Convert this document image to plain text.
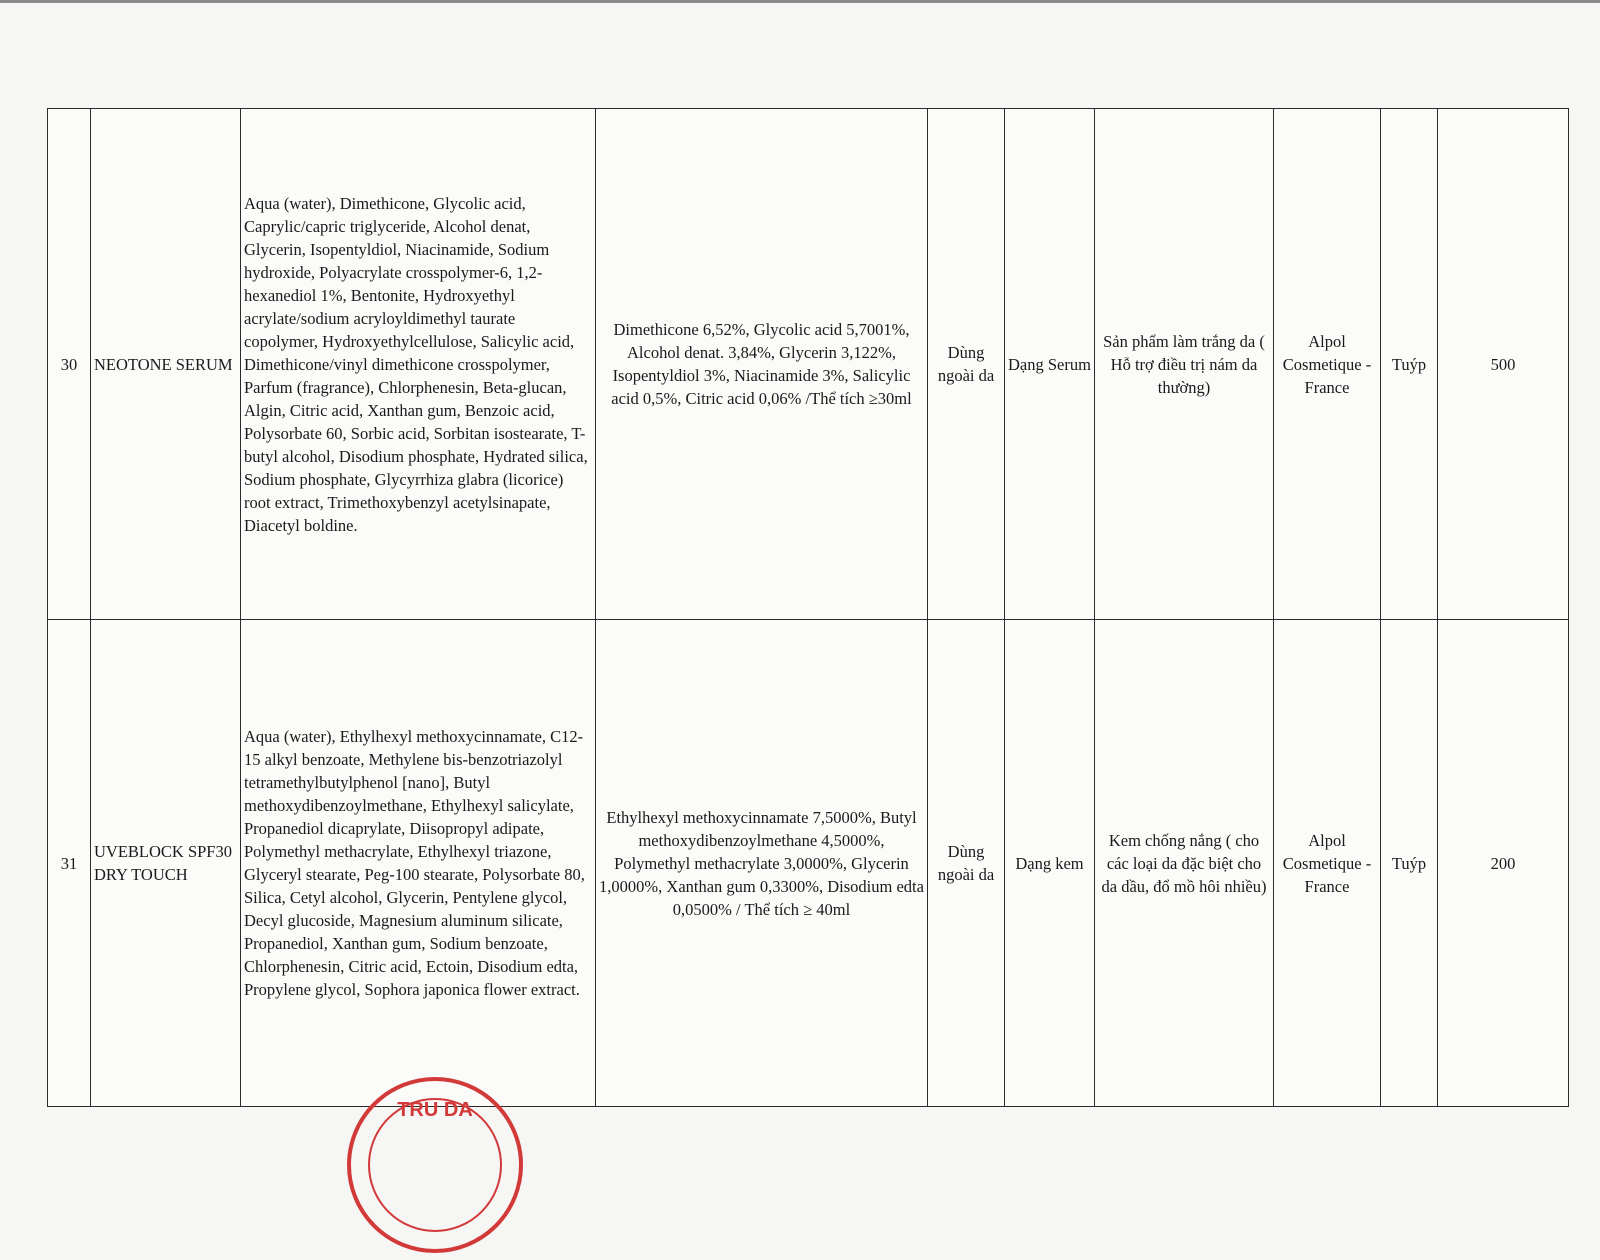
30	NEOTONE SERUM	Aqua (water), Dimethicone, Glycolic acid, Caprylic/capric triglyceride, Alcohol denat, Glycerin, Isopentyldiol, Niacinamide, Sodium hydroxide, Polyacrylate crosspolymer-6, 1,2-hexanediol 1%, Bentonite, Hydroxyethyl acrylate/sodium acryloyldimethyl taurate copolymer, Hydroxyethylcellulose, Salicylic acid, Dimethicone/vinyl dimethicone crosspolymer, Parfum (fragrance), Chlorphenesin, Beta-glucan, Algin, Citric acid, Xanthan gum, Benzoic acid, Polysorbate 60, Sorbic acid, Sorbitan isostearate, T-butyl alcohol, Disodium phosphate, Hydrated silica, Sodium phosphate, Glycyrrhiza glabra (licorice) root extract, Trimethoxybenzyl acetylsinapate, Diacetyl boldine.	Dimethicone 6,52%, Glycolic acid 5,7001%, Alcohol denat. 3,84%, Glycerin 3,122%, Isopentyldiol 3%, Niacinamide 3%, Salicylic acid 0,5%, Citric acid 0,06% /Thể tích ≥30ml	Dùng ngoài da	Dạng Serum	Sản phẩm làm trắng da ( Hỗ trợ điều trị nám da thường)	Alpol Cosmetique - France	Tuýp	500
31	UVEBLOCK SPF30 DRY TOUCH	Aqua (water), Ethylhexyl methoxycinnamate, C12-15 alkyl benzoate, Methylene bis-benzotriazolyl tetramethylbutylphenol [nano], Butyl methoxydibenzoylmethane, Ethylhexyl salicylate, Propanediol dicaprylate, Diisopropyl adipate, Polymethyl methacrylate, Ethylhexyl triazone, Glyceryl stearate, Peg-100 stearate, Polysorbate 80, Silica, Cetyl alcohol, Glycerin, Pentylene glycol, Decyl glucoside, Magnesium aluminum silicate, Propanediol, Xanthan gum, Sodium benzoate, Chlorphenesin, Citric acid, Ectoin, Disodium edta, Propylene glycol, Sophora japonica flower extract.	Ethylhexyl methoxycinnamate 7,5000%, Butyl methoxydibenzoylmethane 4,5000%, Polymethyl methacrylate 3,0000%, Glycerin 1,0000%, Xanthan gum 0,3300%, Disodium edta 0,0500% / Thể tích ≥ 40ml	Dùng ngoài da	Dạng kem	Kem chống nắng ( cho các loại da đặc biệt cho da dầu, đổ mồ hôi nhiều)	Alpol Cosmetique - France	Tuýp	200
TRU DA
